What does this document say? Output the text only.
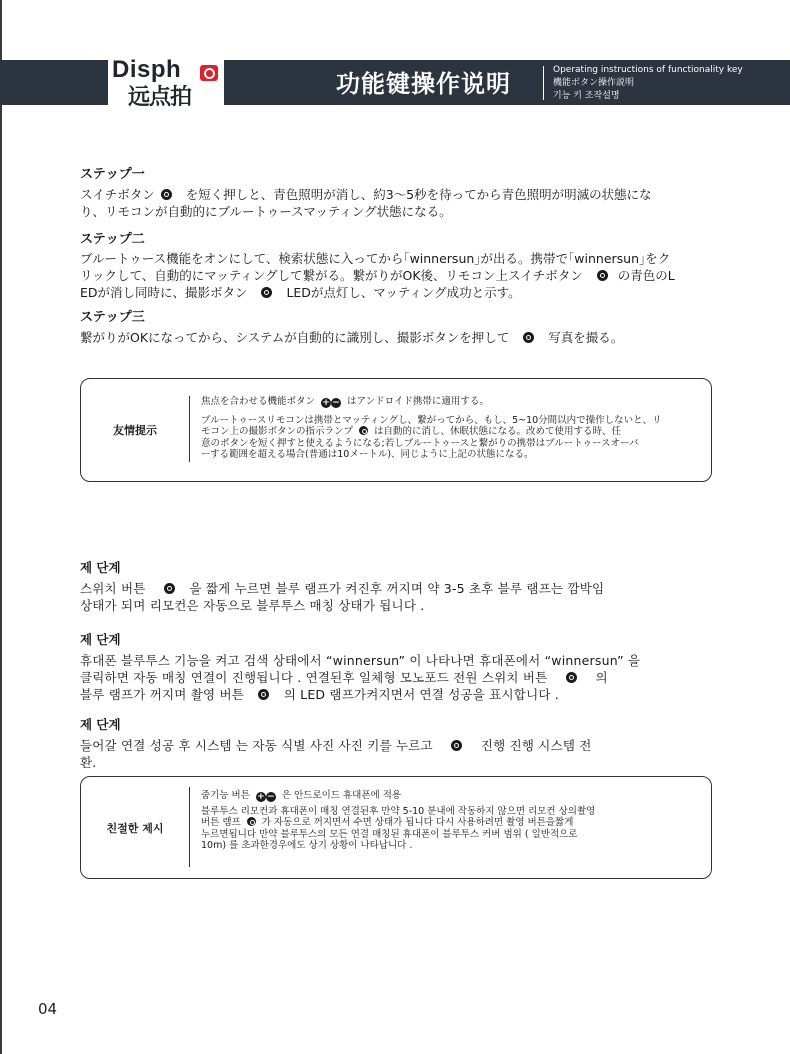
Disph
远点拍	功能键操作说明	Operating instructions of functionality key
機能ボタン操作説明
기능 키 조작설명
ステップ一
スイチボタン を短く押しと、青色照明が消し、約3～5秒を待ってから青色照明が明滅の状態にな
り、リモコンが自動的にブルートゥースマッティング状態になる。
ステップ二
ブルートゥース機能をオンにして、検索状態に入ってから｢winnersun｣が出る。携帯で｢winnersun｣をク
リックして、自動的にマッティングして繋がる。繋がりがOK後、リモコン上スイチボタン	の青色のL
EDが消し同時に、撮影ボタン	LEDが点灯し、マッティング成功と示す。
ステップ三
繋がりがOKになってから、システムが自動的に識別し、撮影ボタンを押して	写真を撮る。
友情提示

焦点を合わせる機能ボタン + − はアンドロイド携帯に適用する。

ブルートゥースリモコンは携帯とマッティングし、繋がってから、もし、5~10分間以内で操作しないと、リ

モコン上の撮影ボタンの指示ランプ は自動的に消し、休眠状態になる。改めて使用する時、任

意のボタンを短く押すと使えるようになる;若しブルートゥースと繋がりの携帯はブルートゥースオーバ

ーする範囲を超える場合(普通は10メートル)、同じように上記の状態になる。

제 단계
스위치 버튼	을 짧게 누르면 블루 램프가 켜진후 꺼지며 약 3-5 초후 블루 램프는 깜박임
상태가 되며 리모컨은 자동으로 블루투스 매칭 상태가 됩니다 .
제 단계
휴대폰 블루투스 기능을 켜고 검색 상태에서 “winnersun” 이 나타나면 휴대폰에서 “winnersun” 을
클릭하면 자동 매칭 연결이 진행됩니다 . 연결된후 일체형 모노포드 전원 스위치 버튼	의
블루 램프가 꺼지며 촬영 버튼	의 LED 램프가켜지면서 연결 성공을 표시합니다 .
제 단계
들어갈 연결 성공 후 시스템 는 자동 식별 사진 사진 키를 누르고	진행 진행 시스템 전
환.
친절한 제시

줌기능 버튼 + − 은 안드로이드 휴대폰에 적용

블루투스 리모컨과 휴대폰이 매칭 연결된후 만약 5-10 분내에 작동하지 않으면 리모컨 상의촬영

버튼 램프 가 자동으로 꺼지면서 수면 상태가 됩니다 다시 사용하려면 촬영 버튼을짧게

누르면됩니다 만약 블루투스의 모든 연결 매칭된 휴대폰이 블루투스 커버 범위 ( 일반적으로

10m) 를 초과한경우에도 상기 상황이 나타납니다 .

04
